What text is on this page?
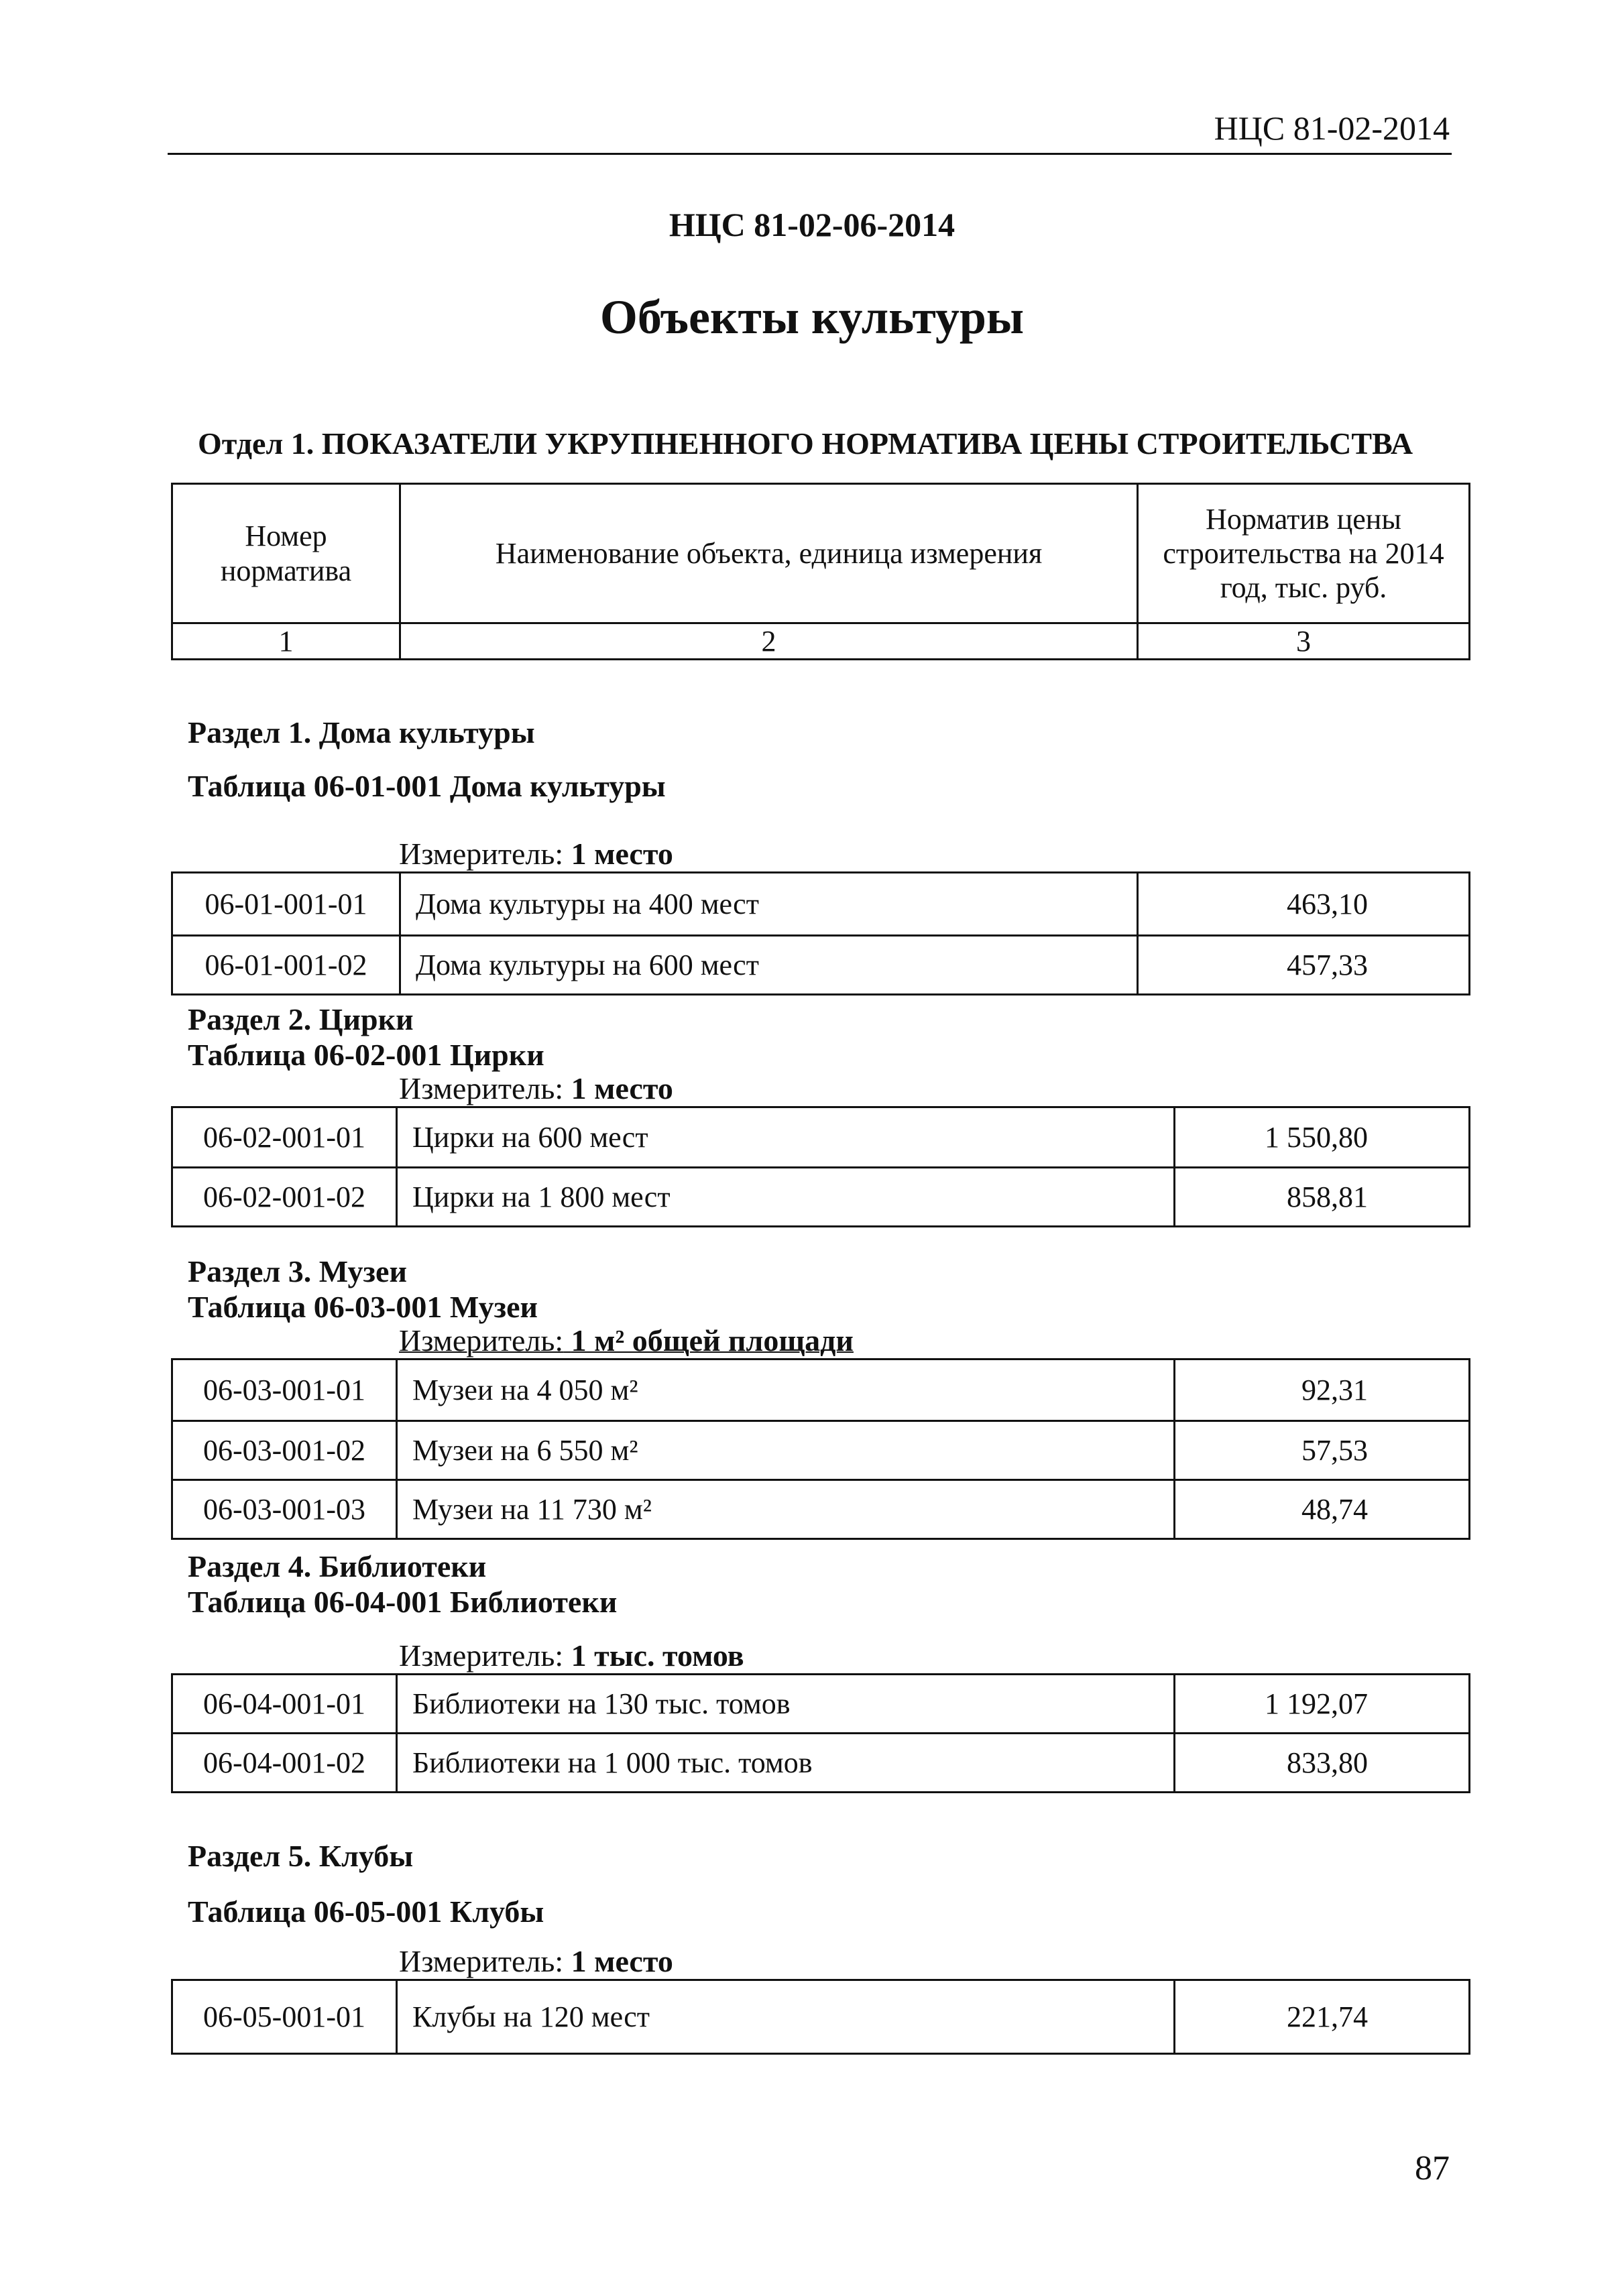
НЦС 81-02-2014
НЦС 81-02-06-2014
Объекты культуры
Отдел 1. ПОКАЗАТЕЛИ УКРУПНЕННОГО НОРМАТИВА ЦЕНЫ СТРОИТЕЛЬСТВА
Номер норматива	Наименование объекта, единица измерения	Норматив цены строительства на 2014 год, тыс. руб.
1	2	3
Раздел 1. Дома культуры
Таблица 06-01-001 Дома культуры
Измеритель: 1 место
06-01-001-01	Дома культуры на 400 мест	463,10
06-01-001-02	Дома культуры на 600 мест	457,33
Раздел 2. Цирки
Таблица 06-02-001 Цирки
Измеритель: 1 место
06-02-001-01	Цирки на 600 мест	1 550,80
06-02-001-02	Цирки на 1 800 мест	858,81
Раздел 3. Музеи
Таблица 06-03-001 Музеи
Измеритель: 1 м² общей площади
06-03-001-01	Музеи на 4 050 м²	92,31
06-03-001-02	Музеи на 6 550 м²	57,53
06-03-001-03	Музеи на 11 730 м²	48,74
Раздел 4. Библиотеки
Таблица 06-04-001 Библиотеки
Измеритель: 1 тыс. томов
06-04-001-01	Библиотеки на 130 тыс. томов	1 192,07
06-04-001-02	Библиотеки на 1 000 тыс. томов	833,80
Раздел 5. Клубы
Таблица 06-05-001 Клубы
Измеритель: 1 место
06-05-001-01	Клубы на 120 мест	221,74
87
